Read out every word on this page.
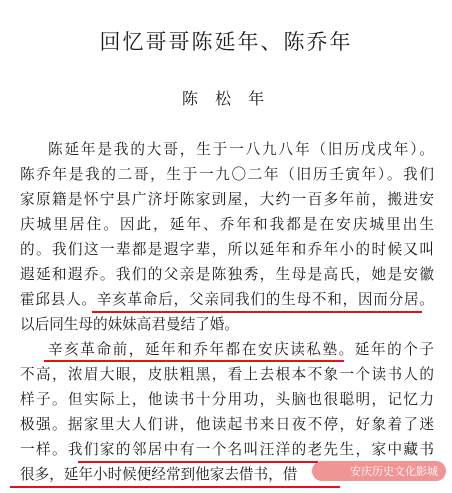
回忆哥哥陈延年、陈乔年
陈 松 年
陈延年是我的大哥，生于一八九八年（旧历戊戌年）。
陈乔年是我的二哥，生于一九〇二年（旧历壬寅年）。我们
家原籍是怀宁县广济圩陈家剅屋，大约一百多年前，搬进安
庆城里居住。因此，延年、乔年和我都是在安庆城里出生
的。我们这一辈都是遐字辈，所以延年和乔年小的时候又叫
遐延和遐乔。我们的父亲是陈独秀，生母是高氏，她是安徽
霍邱县人。辛亥革命后，父亲同我们的生母不和，因而分居。
以后同生母的妹妹高君曼结了婚。
辛亥革命前，延年和乔年都在安庆读私塾。延年的个子
不高，浓眉大眼，皮肤粗黑，看上去根本不象一个读书人的
样子。但实际上，他读书十分用功，头脑也很聪明，记忆力
极强。据家里大人们讲，他读起书来日夜不停，好象着了迷
一样。我们家的邻居中有一个名叫汪洋的老先生，家中藏书
很多，延年小时候便经常到他家去借书，借	安庆历史文化影城
